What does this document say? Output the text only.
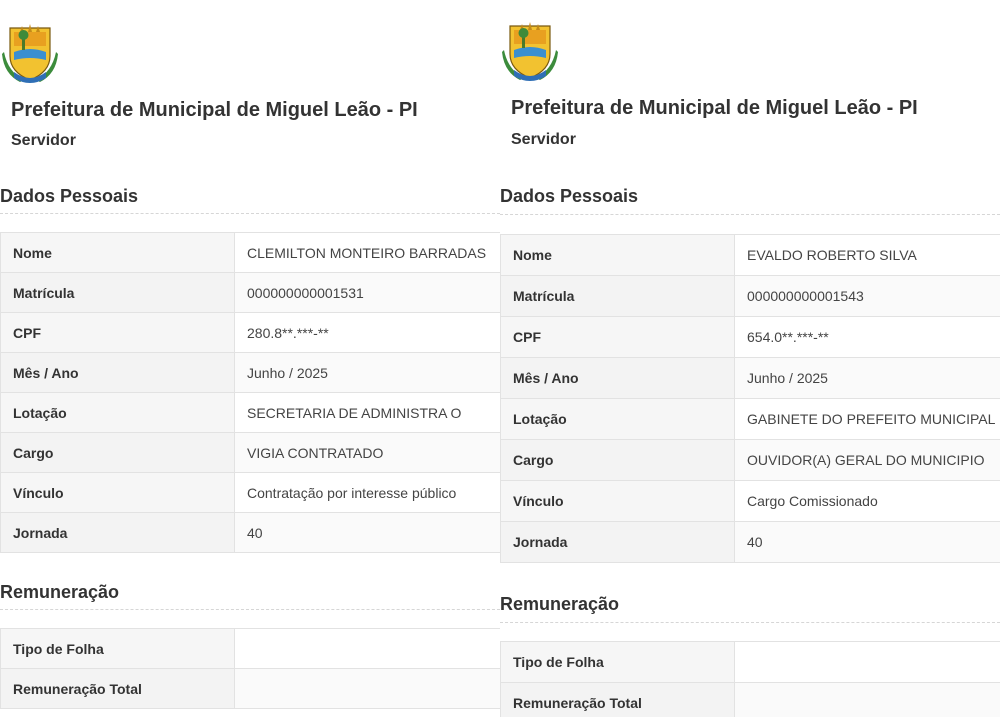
Prefeitura de Municipal de Miguel Leão - PI
Servidor
Dados Pessoais
Nome	CLEMILTON MONTEIRO BARRADAS
Matrícula	000000000001531
CPF	280.8**.***-**
Mês / Ano	Junho / 2025
Lotação	SECRETARIA DE ADMINISTRA O
Cargo	VIGIA CONTRATADO
Vínculo	Contratação por interesse público
Jornada	40
Remuneração
Tipo de Folha	
Remuneração Total	
Prefeitura de Municipal de Miguel Leão - PI
Servidor
Dados Pessoais
Nome	EVALDO ROBERTO SILVA
Matrícula	000000000001543
CPF	654.0**.***-**
Mês / Ano	Junho / 2025
Lotação	GABINETE DO PREFEITO MUNICIPAL
Cargo	OUVIDOR(A) GERAL DO MUNICIPIO
Vínculo	Cargo Comissionado
Jornada	40
Remuneração
Tipo de Folha	
Remuneração Total	
